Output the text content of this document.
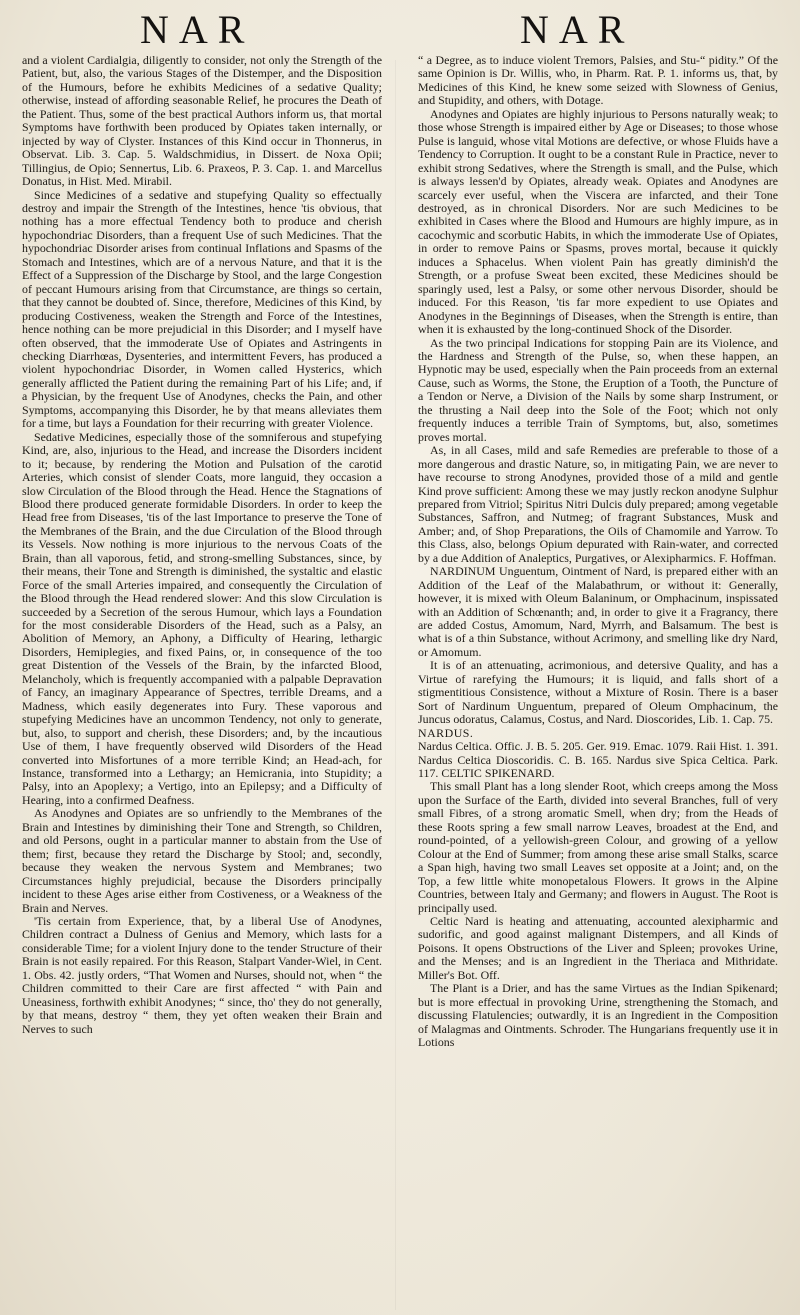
NAR	NAR

and a violent Cardialgia, diligently to consider, not only the Strength of the Patient, but, also, the various Stages of the Distemper, and the Disposition of the Humours, before he exhibits Medicines of a sedative Quality; otherwise, instead of affording seasonable Relief, he procures the Death of the Patient. Thus, some of the best practical Authors inform us, that mortal Symptoms have forthwith been produced by Opiates taken internally, or injected by way of Clyster. Instances of this Kind occur in Thonnerus, in Observat. Lib. 3. Cap. 5. Waldschmidius, in Dissert. de Noxa Opii; Tillingius, de Opio; Sennertus, Lib. 6. Praxeos, P. 3. Cap. 1. and Marcellus Donatus, in Hist. Med. Mirabil.

Since Medicines of a sedative and stupefying Quality so effectually destroy and impair the Strength of the Intestines, hence 'tis obvious, that nothing has a more effectual Tendency both to produce and cherish hypochondriac Disorders, than a frequent Use of such Medicines. That the hypochondriac Disorder arises from continual Inflations and Spasms of the Stomach and Intestines, which are of a nervous Nature, and that it is the Effect of a Suppression of the Discharge by Stool, and the large Congestion of peccant Humours arising from that Circumstance, are things so certain, that they cannot be doubted of. Since, therefore, Medicines of this Kind, by producing Costiveness, weaken the Strength and Force of the Intestines, hence nothing can be more prejudicial in this Disorder; and I myself have often observed, that the immoderate Use of Opiates and Astringents in checking Diarrhœas, Dysenteries, and intermittent Fevers, has produced a violent hypochondriac Disorder, in Women called Hysterics, which generally afflicted the Patient during the remaining Part of his Life; and, if a Physician, by the frequent Use of Anodynes, checks the Pain, and other Symptoms, accompanying this Disorder, he by that means alleviates them for a time, but lays a Foundation for their recurring with greater Violence.

Sedative Medicines, especially those of the somniferous and stupefying Kind, are, also, injurious to the Head, and increase the Disorders incident to it; because, by rendering the Motion and Pulsation of the carotid Arteries, which consist of slender Coats, more languid, they occasion a slow Circulation of the Blood through the Head. Hence the Stagnations of Blood there produced generate formidable Disorders. In order to keep the Head free from Diseases, 'tis of the last Importance to preserve the Tone of the Membranes of the Brain, and the due Circulation of the Blood through its Vessels. Now nothing is more injurious to the nervous Coats of the Brain, than all vaporous, fetid, and strong-smelling Substances, since, by their means, their Tone and Strength is diminished, the systaltic and elastic Force of the small Arteries impaired, and consequently the Circulation of the Blood through the Head rendered slower: And this slow Circulation is succeeded by a Secretion of the serous Humour, which lays a Foundation for the most considerable Disorders of the Head, such as a Palsy, an Abolition of Memory, an Aphony, a Difficulty of Hearing, lethargic Disorders, Hemiplegies, and fixed Pains, or, in consequence of the too great Distention of the Vessels of the Brain, by the infarcted Blood, Melancholy, which is frequently accompanied with a palpable Depravation of Fancy, an imaginary Appearance of Spectres, terrible Dreams, and a Madness, which easily degenerates into Fury. These vaporous and stupefying Medicines have an uncommon Tendency, not only to generate, but, also, to support and cherish, these Disorders; and, by the incautious Use of them, I have frequently observed wild Disorders of the Head converted into Misfortunes of a more terrible Kind; an Head-ach, for Instance, transformed into a Lethargy; an Hemicrania, into Stupidity; a Palsy, into an Apoplexy; a Vertigo, into an Epilepsy; and a Difficulty of Hearing, into a confirmed Deafness.

As Anodynes and Opiates are so unfriendly to the Membranes of the Brain and Intestines by diminishing their Tone and Strength, so Children, and old Persons, ought in a particular manner to abstain from the Use of them; first, because they retard the Discharge by Stool; and, secondly, because they weaken the nervous System and Membranes; two Circumstances highly prejudicial, because the Disorders principally incident to these Ages arise either from Costiveness, or a Weakness of the Brain and Nerves.

'Tis certain from Experience, that, by a liberal Use of Anodynes, Children contract a Dulness of Genius and Memory, which lasts for a considerable Time; for a violent Injury done to the tender Structure of their Brain is not easily repaired. For this Reason, Stalpart Vander-Wiel, in Cent. 1. Obs. 42. justly orders, “That Women and Nurses, should not, when “ the Children committed to their Care are first affected “ with Pain and Uneasiness, forthwith exhibit Anodynes; “ since, tho' they do not generally, by that means, destroy “ them, they yet often weaken their Brain and Nerves to such

“ a Degree, as to induce violent Tremors, Palsies, and Stu-“ pidity.” Of the same Opinion is Dr. Willis, who, in Pharm. Rat. P. 1. informs us, that, by Medicines of this Kind, he knew some seized with Slowness of Genius, and Stupidity, and others, with Dotage.

Anodynes and Opiates are highly injurious to Persons naturally weak; to those whose Strength is impaired either by Age or Diseases; to those whose Pulse is languid, whose vital Motions are defective, or whose Fluids have a Tendency to Corruption. It ought to be a constant Rule in Practice, never to exhibit strong Sedatives, where the Strength is small, and the Pulse, which is always lessen'd by Opiates, already weak. Opiates and Anodynes are scarcely ever useful, when the Viscera are infarcted, and their Tone destroyed, as in chronical Disorders. Nor are such Medicines to be exhibited in Cases where the Blood and Humours are highly impure, as in cacochymic and scorbutic Habits, in which the immoderate Use of Opiates, in order to remove Pains or Spasms, proves mortal, because it quickly induces a Sphacelus. When violent Pain has greatly diminish'd the Strength, or a profuse Sweat been excited, these Medicines should be sparingly used, lest a Palsy, or some other nervous Disorder, should be induced. For this Reason, 'tis far more expedient to use Opiates and Anodynes in the Beginnings of Diseases, when the Strength is entire, than when it is exhausted by the long-continued Shock of the Disorder.

As the two principal Indications for stopping Pain are its Violence, and the Hardness and Strength of the Pulse, so, when these happen, an Hypnotic may be used, especially when the Pain proceeds from an external Cause, such as Worms, the Stone, the Eruption of a Tooth, the Puncture of a Tendon or Nerve, a Division of the Nails by some sharp Instrument, or the thrusting a Nail deep into the Sole of the Foot; which not only frequently induces a terrible Train of Symptoms, but, also, sometimes proves mortal.

As, in all Cases, mild and safe Remedies are preferable to those of a more dangerous and drastic Nature, so, in mitigating Pain, we are never to have recourse to strong Anodynes, provided those of a mild and gentle Kind prove sufficient: Among these we may justly reckon anodyne Sulphur prepared from Vitriol; Spiritus Nitri Dulcis duly prepared; among vegetable Substances, Saffron, and Nutmeg; of fragrant Substances, Musk and Amber; and, of Shop Preparations, the Oils of Chamomile and Yarrow. To this Class, also, belongs Opium depurated with Rain-water, and corrected by a due Addition of Analeptics, Purgatives, or Alexipharmics. F. Hoffman.

NARDINUM Unguentum, Ointment of Nard, is prepared either with an Addition of the Leaf of the Malabathrum, or without it: Generally, however, it is mixed with Oleum Balaninum, or Omphacinum, inspissated with an Addition of Schœnanth; and, in order to give it a Fragrancy, there are added Costus, Amomum, Nard, Myrrh, and Balsamum. The best is what is of a thin Substance, without Acrimony, and smelling like dry Nard, or Amomum.

It is of an attenuating, acrimonious, and detersive Quality, and has a Virtue of rarefying the Humours; it is liquid, and falls short of a stigmentitious Consistence, without a Mixture of Rosin. There is a baser Sort of Nardinum Unguentum, prepared of Oleum Omphacinum, the Juncus odoratus, Calamus, Costus, and Nard. Dioscorides, Lib. 1. Cap. 75.

NARDUS.

Nardus Celtica. Offic. J. B. 5. 205. Ger. 919. Emac. 1079. Raii Hist. 1. 391. Nardus Celtica Dioscoridis. C. B. 165. Nardus sive Spica Celtica. Park. 117. CELTIC SPIKENARD.

This small Plant has a long slender Root, which creeps among the Moss upon the Surface of the Earth, divided into several Branches, full of very small Fibres, of a strong aromatic Smell, when dry; from the Heads of these Roots spring a few small narrow Leaves, broadest at the End, and round-pointed, of a yellowish-green Colour, and growing of a yellow Colour at the End of Summer; from among these arise small Stalks, scarce a Span high, having two small Leaves set opposite at a Joint; and, on the Top, a few little white monopetalous Flowers. It grows in the Alpine Countries, between Italy and Germany; and flowers in August. The Root is principally used.

Celtic Nard is heating and attenuating, accounted alexipharmic and sudorific, and good against malignant Distempers, and all Kinds of Poisons. It opens Obstructions of the Liver and Spleen; provokes Urine, and the Menses; and is an Ingredient in the Theriaca and Mithridate. Miller's Bot. Off.

The Plant is a Drier, and has the same Virtues as the Indian Spikenard; but is more effectual in provoking Urine, strengthening the Stomach, and discussing Flatulencies; outwardly, it is an Ingredient in the Composition of Malagmas and Ointments. Schroder. The Hungarians frequently use it in Lotions
